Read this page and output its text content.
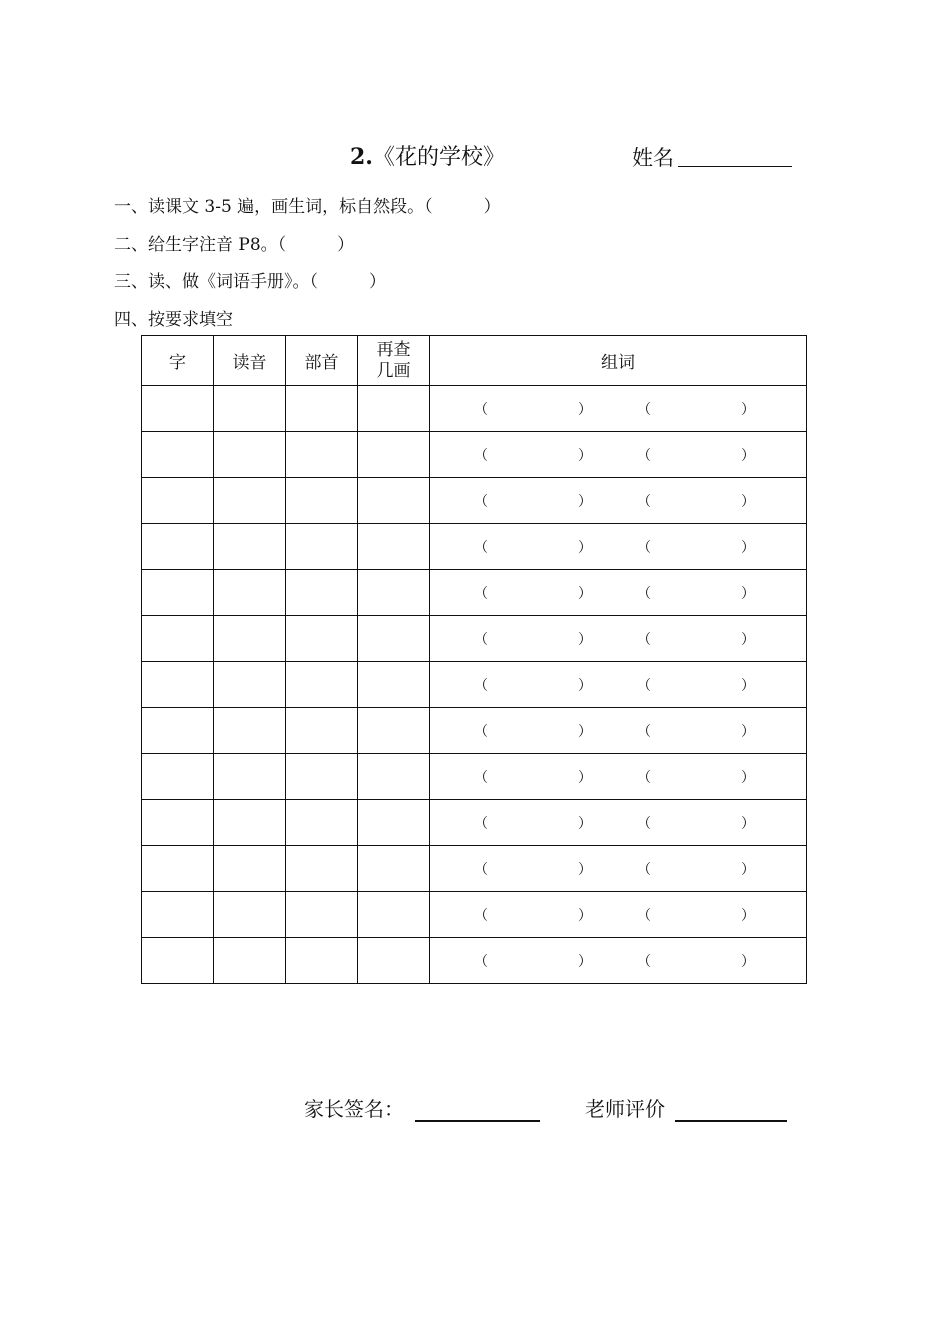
2.《花的学校》	姓名
一、读课文 3-5 遍，画生词，标自然段。（　　　）
二、给生字注音 P8。（　　　）
三、读、做《词语手册》。（　　　）
四、按要求填空
字	读音	部首	再查几画	组词

				（ ） （ ）

				（ ） （ ）

				（ ） （ ）

				（ ） （ ）

				（ ） （ ）

				（ ） （ ）

				（ ） （ ）

				（ ） （ ）

				（ ） （ ）

				（ ） （ ）

				（ ） （ ）

				（ ） （ ）

				（ ） （ ）
家长签名：	老师评价
